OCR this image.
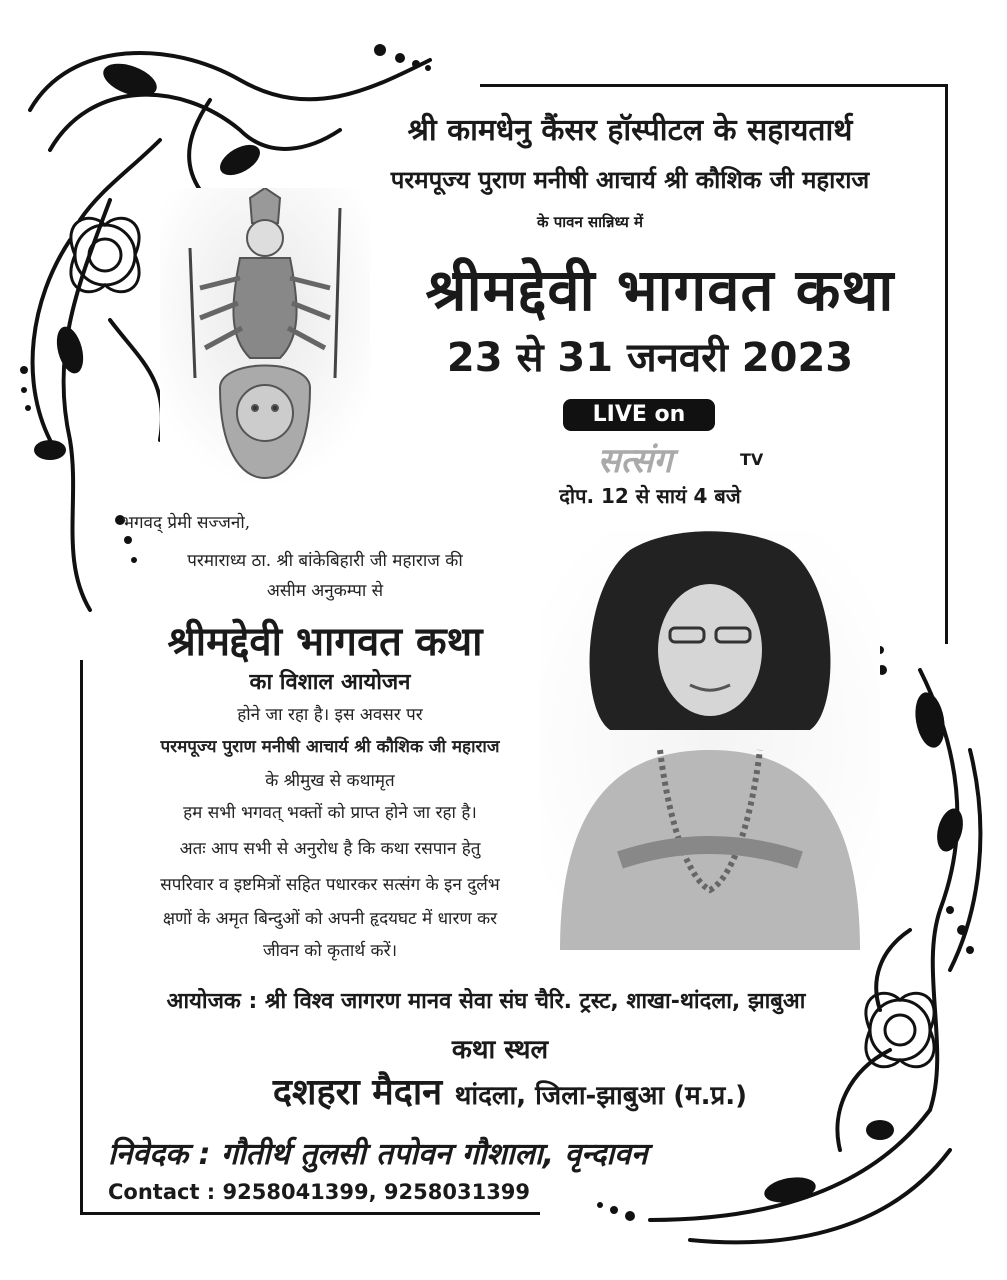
श्री कामधेनु कैंसर हॉस्पीटल के सहायतार्थ
परमपूज्य पुराण मनीषी आचार्य श्री कौशिक जी महाराज
के पावन सान्निध्य में
श्रीमद्देवी भागवत कथा
23 से 31 जनवरी 2023
LIVE on
सत्संग	TV
दोप. 12 से सायं 4 बजे
भगवद् प्रेमी सज्जनो,
परमाराध्य ठा. श्री बांकेबिहारी जी महाराज की
असीम अनुकम्पा से
श्रीमद्देवी भागवत कथा
का विशाल आयोजन
होने जा रहा है। इस अवसर पर
परमपूज्य पुराण मनीषी आचार्य श्री कौशिक जी महाराज
के श्रीमुख से कथामृत
हम सभी भगवत् भक्तों को प्राप्त होने जा रहा है।
अतः आप सभी से अनुरोध है कि कथा रसपान हेतु
सपरिवार व इष्टमित्रों सहित पधारकर सत्संग के इन दुर्लभ
क्षणों के अमृत बिन्दुओं को अपनी हृदयघट में धारण कर
जीवन को कृतार्थ करें।
आयोजक : श्री विश्व जागरण मानव सेवा संघ चैरि. ट्रस्ट, शाखा-थांदला, झाबुआ
कथा स्थल
दशहरा मैदान थांदला, जिला-झाबुआ (म.प्र.)
निवेदक : गौतीर्थ तुलसी तपोवन गौशाला, वृन्दावन
Contact : 9258041399, 9258031399
